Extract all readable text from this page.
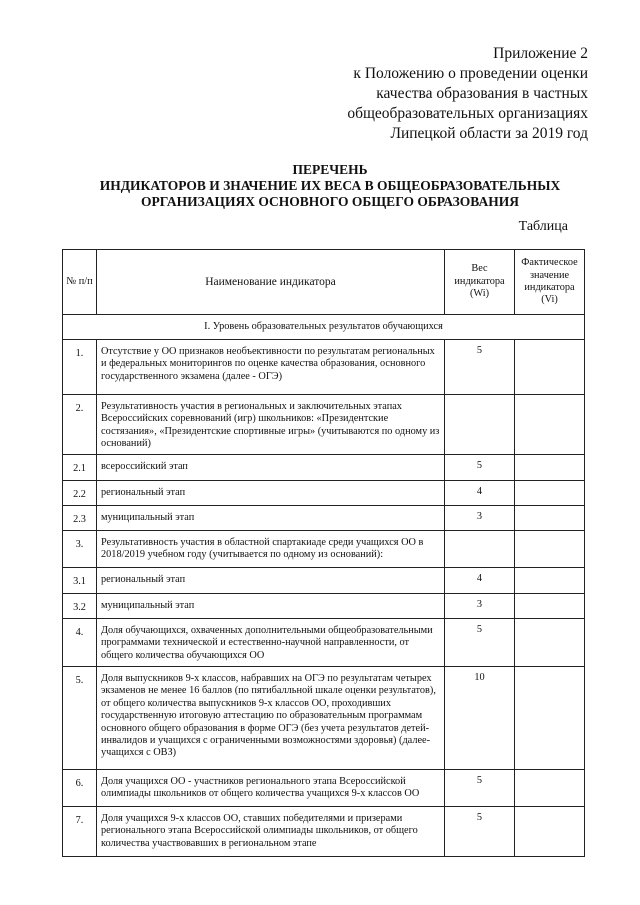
Приложение 2
к Положению о проведении оценки
качества образования в частных
общеобразовательных организациях
Липецкой области за 2019 год
ПЕРЕЧЕНЬ
ИНДИКАТОРОВ И ЗНАЧЕНИЕ ИХ ВЕСА В ОБЩЕОБРАЗОВАТЕЛЬНЫХ
ОРГАНИЗАЦИЯХ ОСНОВНОГО ОБЩЕГО ОБРАЗОВАНИЯ
Таблица
№ п/п	Наименование индикатора	Вес индикатора (Wi)	Фактическое значение индикатора (Vi)
I. Уровень образовательных результатов обучающихся			
1.	Отсутствие у ОО признаков необъективности по результатам региональных и федеральных мониторингов по оценке качества образования, основного государственного экзамена (далее - ОГЭ)	5	
2.	Результативность участия в региональных и заключительных этапах Всероссийских соревнований (игр) школьников: «Президентские состязания», «Президентские спортивные игры» (учитываются по одному из оснований)		
2.1	всероссийский этап	5	
2.2	региональный этап	4	
2.3	муниципальный этап	3	
3.	Результативность участия в областной спартакиаде среди учащихся ОО в 2018/2019 учебном году (учитывается по одному из оснований):		
3.1	региональный этап	4	
3.2	муниципальный этап	3	
4.	Доля обучающихся, охваченных дополнительными общеобразовательными программами технической и естественно-научной направленности, от общего количества обучающихся ОО	5	
5.	Доля выпускников 9-х классов, набравших на ОГЭ по результатам четырех экзаменов не менее 16 баллов (по пятибалльной шкале оценки результатов), от общего количества выпускников 9-х классов ОО, проходивших государственную итоговую аттестацию по образовательным программам основного общего образования в форме ОГЭ (без учета результатов детей-инвалидов и учащихся с ограниченными возможностями здоровья) (далее-учащихся с ОВЗ)	10	
6.	Доля учащихся ОО - участников регионального этапа Всероссийской олимпиады школьников от общего количества учащихся 9-х классов ОО	5	
7.	Доля учащихся 9-х классов ОО, ставших победителями и призерами регионального этапа Всероссийской олимпиады школьников, от общего количества участвовавших в региональном этапе	5	
